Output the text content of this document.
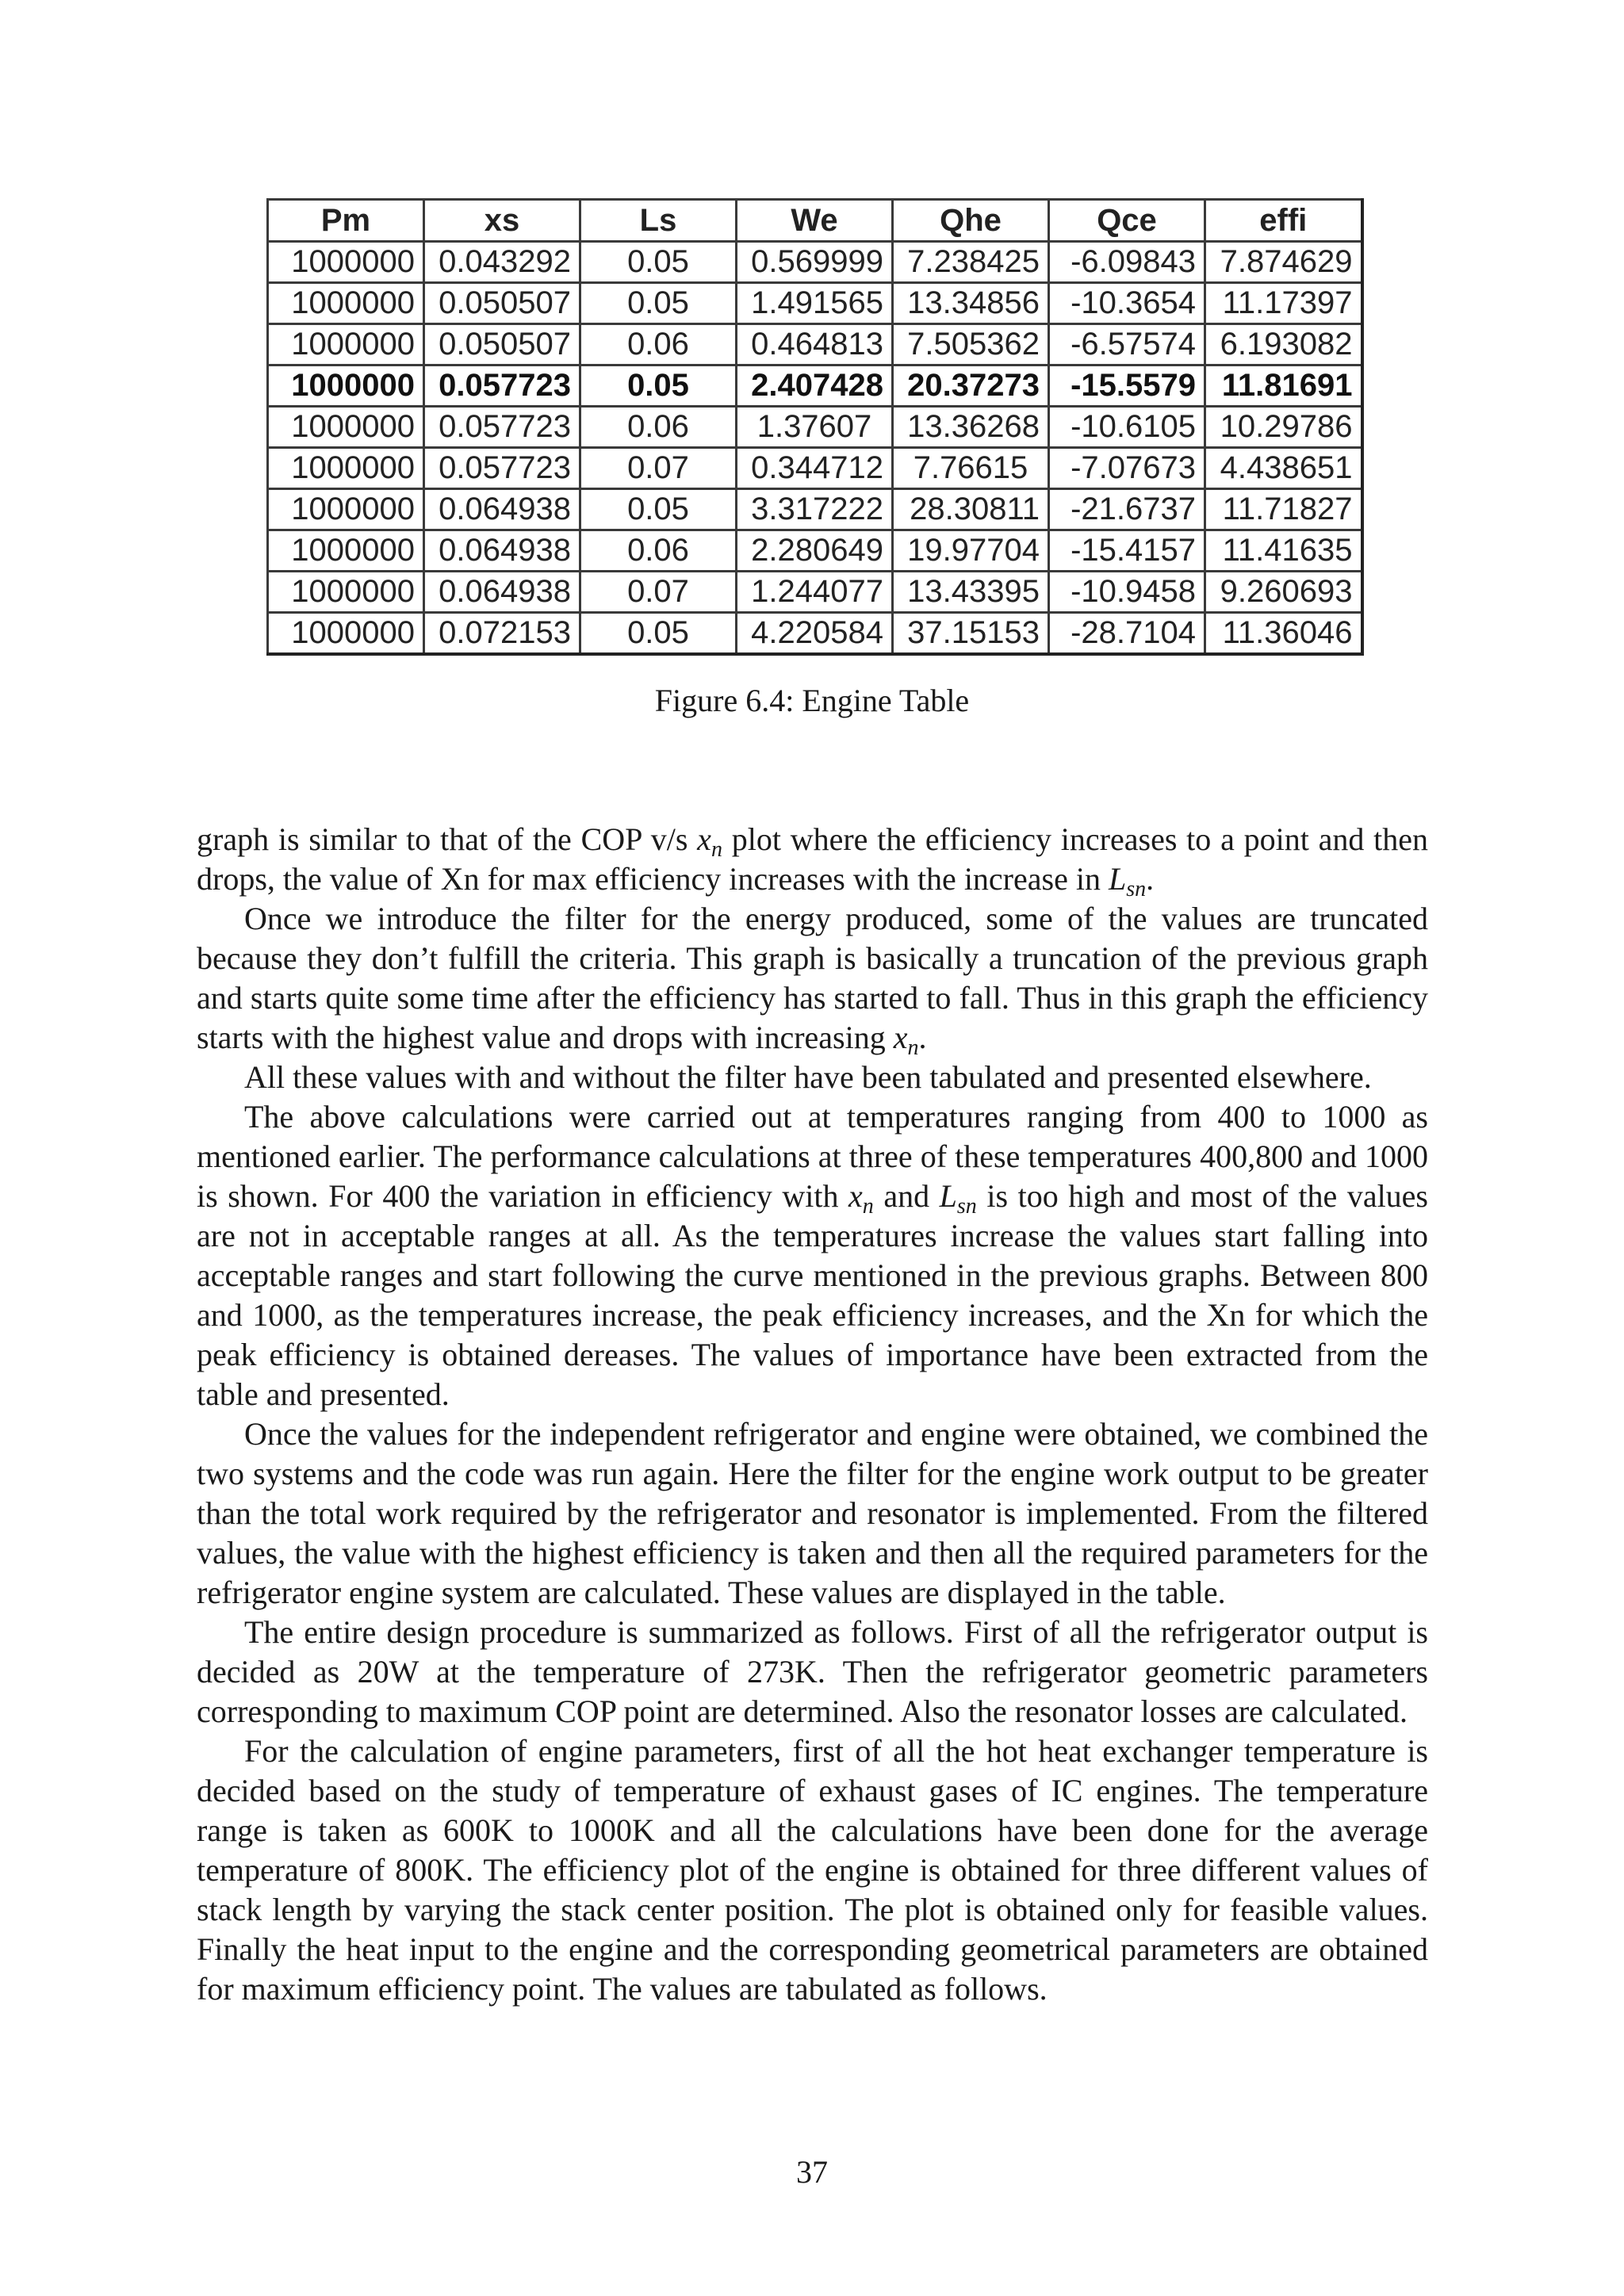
Pm	xs	Ls	We	Qhe	Qce	effi
1000000	0.043292	0.05	0.569999	7.238425	-6.09843	7.874629
1000000	0.050507	0.05	1.491565	13.34856	-10.3654	11.17397
1000000	0.050507	0.06	0.464813	7.505362	-6.57574	6.193082
1000000	0.057723	0.05	2.407428	20.37273	-15.5579	11.81691
1000000	0.057723	0.06	1.37607	13.36268	-10.6105	10.29786
1000000	0.057723	0.07	0.344712	7.76615	-7.07673	4.438651
1000000	0.064938	0.05	3.317222	28.30811	-21.6737	11.71827
1000000	0.064938	0.06	2.280649	19.97704	-15.4157	11.41635
1000000	0.064938	0.07	1.244077	13.43395	-10.9458	9.260693
1000000	0.072153	0.05	4.220584	37.15153	-28.7104	11.36046
Figure 6.4: Engine Table

graph is similar to that of the COP v/s $x_n$ plot where the efficiency increases to a point and then drops, the value of Xn for max efficiency increases with the increase in $L_{sn}$.

Once we introduce the filter for the energy produced, some of the values are truncated because they don’t fulfill the criteria. This graph is basically a truncation of the previous graph and starts quite some time after the efficiency has started to fall. Thus in this graph the efficiency starts with the highest value and drops with increasing $x_n$.

All these values with and without the filter have been tabulated and presented elsewhere.

The above calculations were carried out at temperatures ranging from 400 to 1000 as mentioned earlier. The performance calculations at three of these temperatures 400,800 and 1000 is shown. For 400 the variation in efficiency with $x_n$ and $L_{sn}$ is too high and most of the values are not in acceptable ranges at all. As the temperatures increase the values start falling into acceptable ranges and start following the curve mentioned in the previous graphs. Between 800 and 1000, as the temperatures increase, the peak efficiency increases, and the Xn for which the peak efficiency is obtained dereases. The values of importance have been extracted from the table and presented.

Once the values for the independent refrigerator and engine were obtained, we combined the two systems and the code was run again. Here the filter for the engine work output to be greater than the total work required by the refrigerator and resonator is implemented. From the filtered values, the value with the highest efficiency is taken and then all the required parameters for the refrigerator engine system are calculated. These values are displayed in the table.

The entire design procedure is summarized as follows. First of all the refrigerator output is decided as 20W at the temperature of 273K. Then the refrigerator geometric parameters corresponding to maximum COP point are determined. Also the resonator losses are calculated.

For the calculation of engine parameters, first of all the hot heat exchanger temperature is decided based on the study of temperature of exhaust gases of IC engines. The temperature range is taken as 600K to 1000K and all the calculations have been done for the average temperature of 800K. The efficiency plot of the engine is obtained for three different values of stack length by varying the stack center position. The plot is obtained only for feasible values. Finally the heat input to the engine and the corresponding geometrical parameters are obtained for maximum efficiency point. The values are tabulated as follows.

37
